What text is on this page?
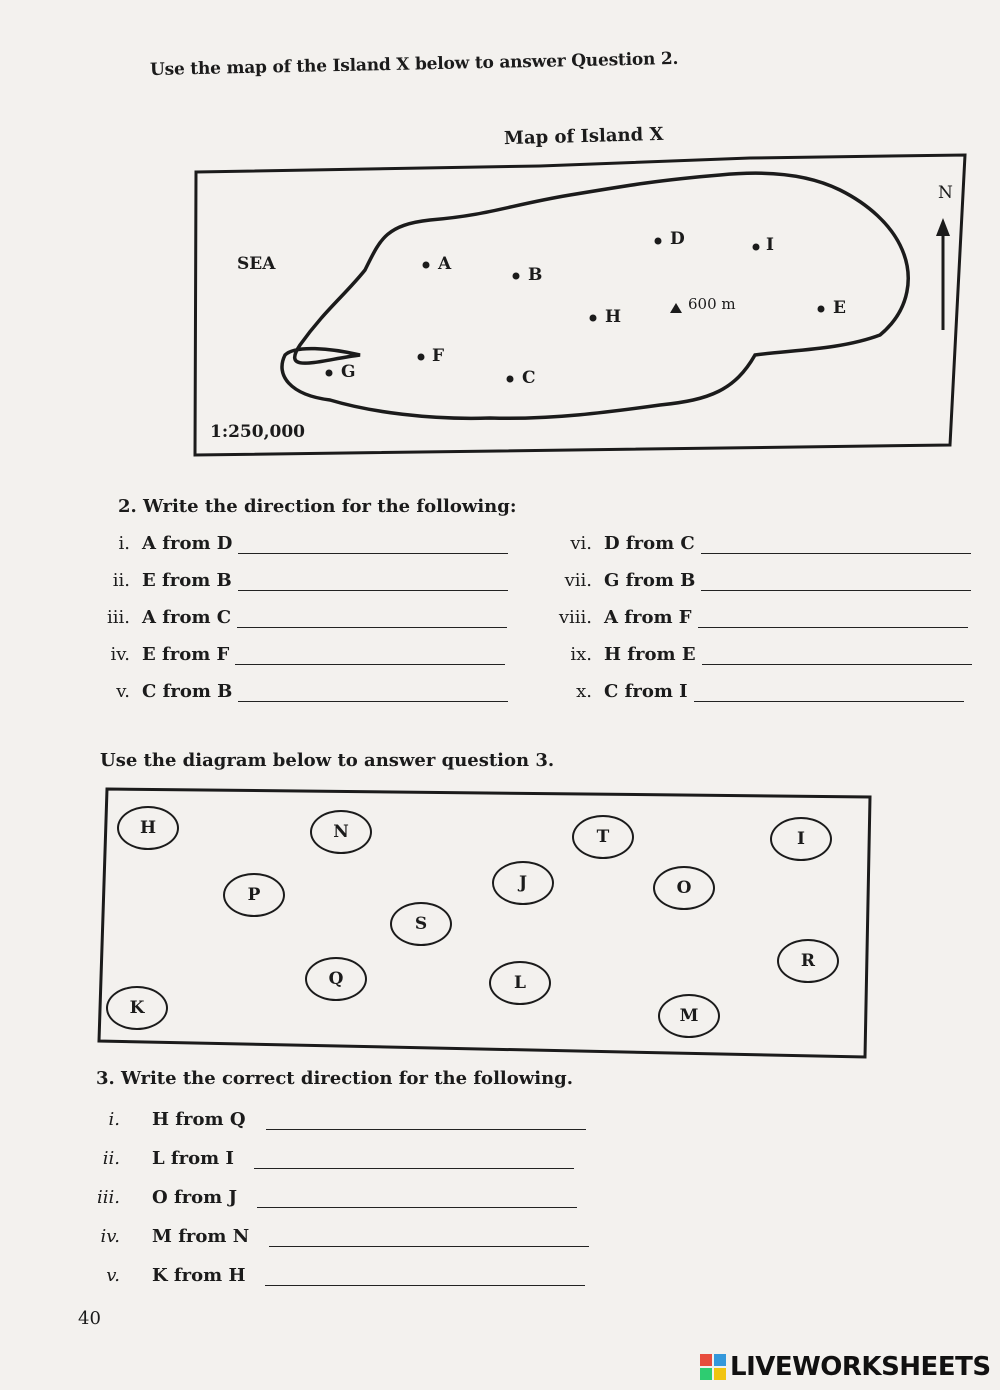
Use the map of the Island X below to answer Question 2.
Map of Island X
SEA
1:250,000
N
600 m
A
B
C
D
E
F
G
H
I
2. Write the direction for the following:
i. A from D
ii. E from B
iii. A from C
iv. E from F
v. C from B
vi. D from C
vii. G from B
viii. A from F
ix. H from E
x. C from I
Use the diagram below to answer question 3.
H	N	T	I
P
J	O
S
R
Q	L
K	M
3. Write the correct direction for the following.
i. H from Q
ii. L from I
iii. O from J
iv. M from N
v. K from H
40
LIVEWORKSHEETS
